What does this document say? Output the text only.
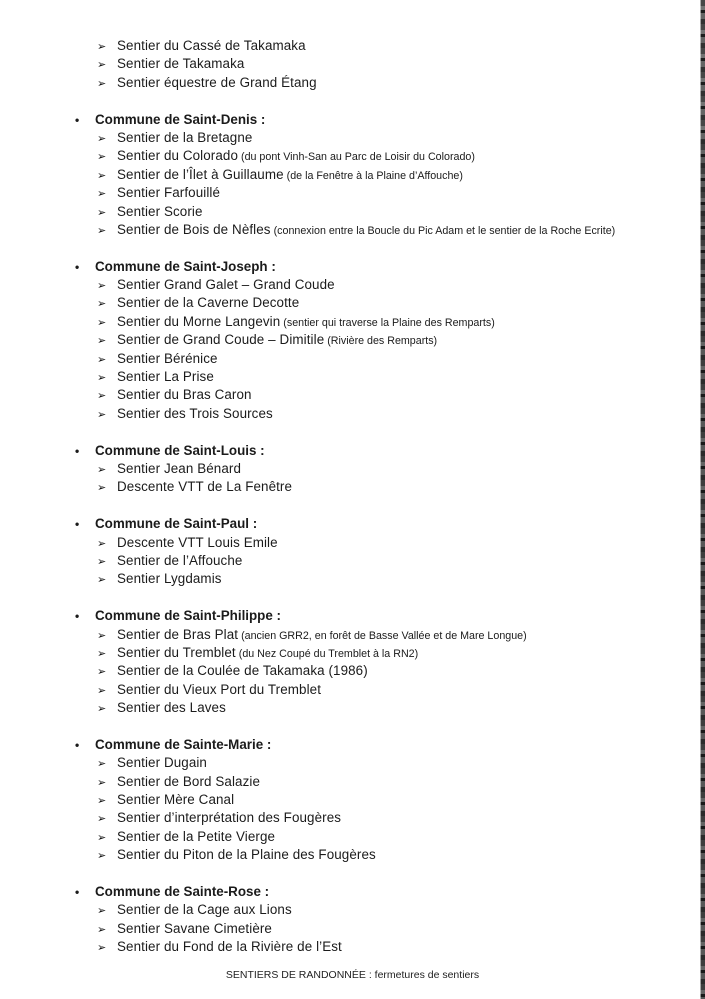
➢ Sentier du Cassé de Takamaka
➢ Sentier de Takamaka
➢ Sentier équestre de Grand Étang
• Commune de Saint-Denis :
➢ Sentier de la Bretagne
➢ Sentier du Colorado (du pont Vinh-San au Parc de Loisir du Colorado)
➢ Sentier de l’Îlet à Guillaume (de la Fenêtre à la Plaine d’Affouche)
➢ Sentier Farfouillé
➢ Sentier Scorie
➢ Sentier de Bois de Nèfles (connexion entre la Boucle du Pic Adam et le sentier de la Roche Ecrite)
• Commune de Saint-Joseph :
➢ Sentier Grand Galet – Grand Coude
➢ Sentier de la Caverne Decotte
➢ Sentier du Morne Langevin (sentier qui traverse la Plaine des Remparts)
➢ Sentier de Grand Coude – Dimitile (Rivière des Remparts)
➢ Sentier Bérénice
➢ Sentier La Prise
➢ Sentier du Bras Caron
➢ Sentier des Trois Sources
• Commune de Saint-Louis :
➢ Sentier Jean Bénard
➢ Descente VTT de La Fenêtre
• Commune de Saint-Paul :
➢ Descente VTT Louis Emile
➢ Sentier de l’Affouche
➢ Sentier Lygdamis
• Commune de Saint-Philippe :
➢ Sentier de Bras Plat (ancien GRR2, en forêt de Basse Vallée et de Mare Longue)
➢ Sentier du Tremblet (du Nez Coupé du Tremblet à la RN2)
➢ Sentier de la Coulée de Takamaka (1986)
➢ Sentier du Vieux Port du Tremblet
➢ Sentier des Laves
• Commune de Sainte-Marie :
➢ Sentier Dugain
➢ Sentier de Bord Salazie
➢ Sentier Mère Canal
➢ Sentier d’interprétation des Fougères
➢ Sentier de la Petite Vierge
➢ Sentier du Piton de la Plaine des Fougères
• Commune de Sainte-Rose :
➢ Sentier de la Cage aux Lions
➢ Sentier Savane Cimetière
➢ Sentier du Fond de la Rivière de l’Est
SENTIERS DE RANDONNÉE : fermetures de sentiers
